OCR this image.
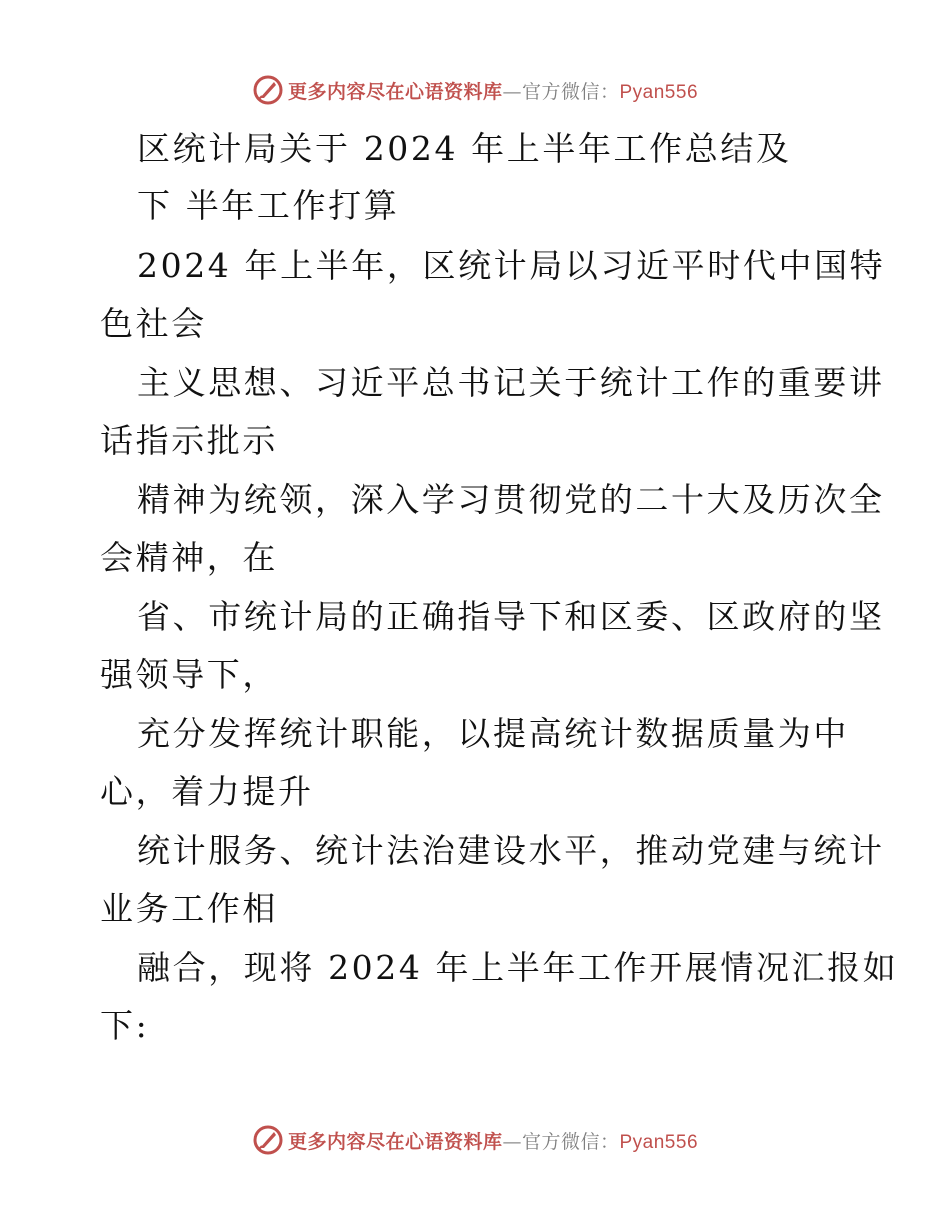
更多内容尽在心语资料库—官方微信：Pyan556
区统计局关于 2024 年上半年工作总结及
下 半年工作打算
2024 年上半年，区统计局以习近平时代中国特
色社会
主义思想、习近平总书记关于统计工作的重要讲
话指示批示
精神为统领，深入学习贯彻党的二十大及历次全
会精神，在
省、市统计局的正确指导下和区委、区政府的坚
强领导下，
充分发挥统计职能，以提高统计数据质量为中
心，着力提升
统计服务、统计法治建设水平，推动党建与统计
业务工作相
融合，现将 2024 年上半年工作开展情况汇报如
下:
更多内容尽在心语资料库—官方微信：Pyan556
